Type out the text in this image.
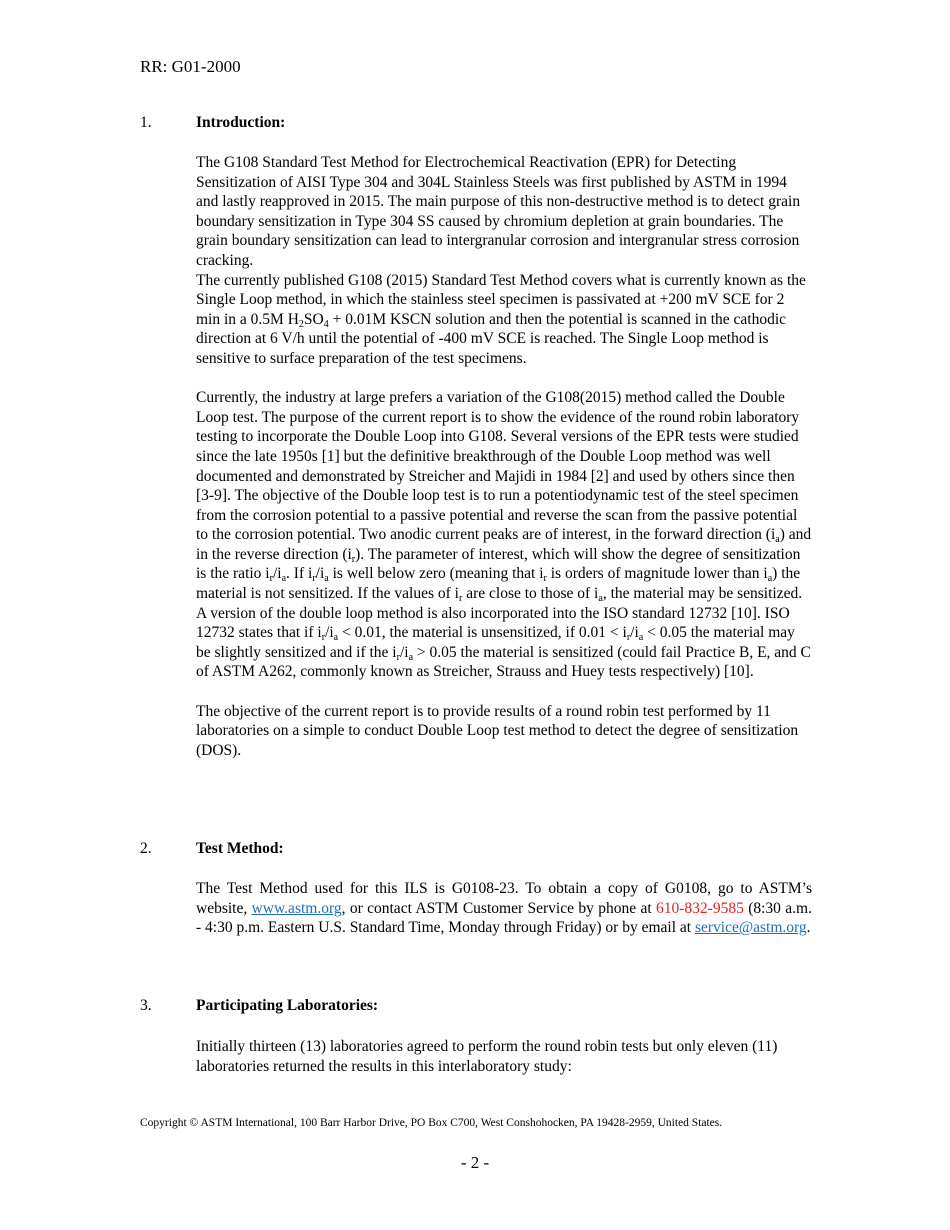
RR: G01-2000
1.	Introduction:

The G108 Standard Test Method for Electrochemical Reactivation (EPR) for Detecting Sensitization of AISI Type 304 and 304L Stainless Steels was first published by ASTM in 1994 and lastly reapproved in 2015. The main purpose of this non-destructive method is to detect grain boundary sensitization in Type 304 SS caused by chromium depletion at grain boundaries. The grain boundary sensitization can lead to intergranular corrosion and intergranular stress corrosion cracking.

The currently published G108 (2015) Standard Test Method covers what is currently known as the Single Loop method, in which the stainless steel specimen is passivated at +200 mV SCE for 2 min in a 0.5M $H_2SO_4 + 0.01M$ KSCN solution and then the potential is scanned in the cathodic direction at 6 V/h until the potential of -400 mV SCE is reached. The Single Loop method is sensitive to surface preparation of the test specimens.

Currently, the industry at large prefers a variation of the G108(2015) method called the Double Loop test. The purpose of the current report is to show the evidence of the round robin laboratory testing to incorporate the Double Loop into G108. Several versions of the EPR tests were studied since the late 1950s [1] but the definitive breakthrough of the Double Loop method was well documented and demonstrated by Streicher and Majidi in 1984 [2] and used by others since then [3-9]. The objective of the Double loop test is to run a potentiodynamic test of the steel specimen from the corrosion potential to a passive potential and reverse the scan from the passive potential to the corrosion potential. Two anodic current peaks are of interest, in the forward direction $(i_a)$ and in the reverse direction $(i_r)$. The parameter of interest, which will show the degree of sensitization is the ratio $i_r/i_a$. If $i_r/i_a$ is well below zero (meaning that $i_r$ is orders of magnitude lower than $i_a$) the material is not sensitized. If the values of $i_r$ are close to those of $i_a$, the material may be sensitized. A version of the double loop method is also incorporated into the ISO standard 12732 [10]. ISO 12732 states that if $i_r/i_a < 0.01$, the material is unsensitized, if $0.01 < i_r/i_a < 0.05$ the material may be slightly sensitized and if the $i_r/i_a > 0.05$ the material is sensitized (could fail Practice B, E, and C of ASTM A262, commonly known as Streicher, Strauss and Huey tests respectively) [10].

The objective of the current report is to provide results of a round robin test performed by 11 laboratories on a simple to conduct Double Loop test method to detect the degree of sensitization (DOS).

2.	Test Method:

The Test Method used for this ILS is G0108-23. To obtain a copy of G0108, go to ASTM’s website, www.astm.org, or contact ASTM Customer Service by phone at 610-832-9585 (8:30 a.m. - 4:30 p.m. Eastern U.S. Standard Time, Monday through Friday) or by email at service@astm.org.

3.	Participating Laboratories:

Initially thirteen (13) laboratories agreed to perform the round robin tests but only eleven (11) laboratories returned the results in this interlaboratory study:

Copyright © ASTM International, 100 Barr Harbor Drive, PO Box C700, West Conshohocken, PA 19428-2959, United States.
- 2 -
